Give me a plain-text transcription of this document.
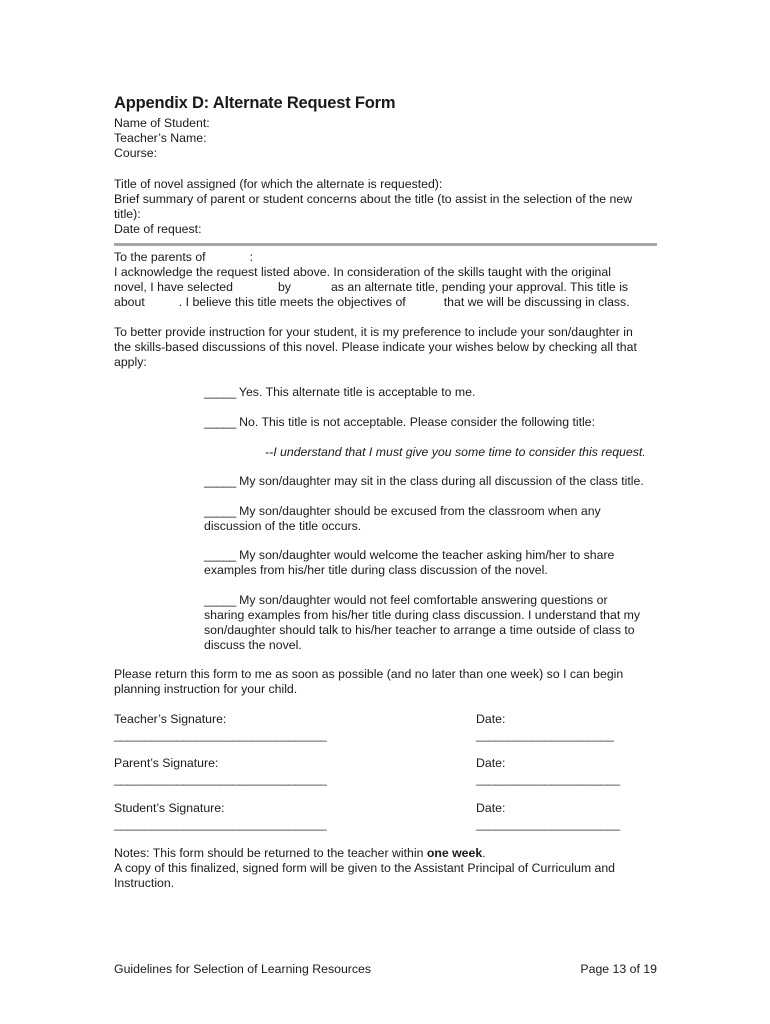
Appendix D: Alternate Request Form
Name of Student:
Teacher’s Name:
Course:
Title of novel assigned (for which the alternate is requested):
Brief summary of parent or student concerns about the title (to assist in the selection of the new
title):
Date of request:
To the parents of	:
I acknowledge the request listed above. In consideration of the skills taught with the original
novel, I have selected	by	as an alternate title, pending your approval. This title is
about	. I believe this title meets the objectives of	that we will be discussing in class.
To better provide instruction for your student, it is my preference to include your son/daughter in
the skills-based discussions of this novel. Please indicate your wishes below by checking all that
apply:
_____ Yes. This alternate title is acceptable to me.
_____ No. This title is not acceptable. Please consider the following title:
--I understand that I must give you some time to consider this request.
_____ My son/daughter may sit in the class during all discussion of the class title.
_____ My son/daughter should be excused from the classroom when any
discussion of the title occurs.
_____ My son/daughter would welcome the teacher asking him/her to share
examples from his/her title during class discussion of the novel.
_____ My son/daughter would not feel comfortable answering questions or
sharing examples from his/her title during class discussion. I understand that my
son/daughter should talk to his/her teacher to arrange a time outside of class to
discuss the novel.
Please return this form to me as soon as possible (and no later than one week) so I can begin
planning instruction for your child.
Teacher’s Signature:
__________________________________
Date:
______________________
Parent’s Signature:
__________________________________
Date:
_______________________
Student’s Signature:
__________________________________
Date:
_______________________
Notes: This form should be returned to the teacher within one week.
A copy of this finalized, signed form will be given to the Assistant Principal of Curriculum and
Instruction.
Guidelines for Selection of Learning Resources	Page 13 of 19
